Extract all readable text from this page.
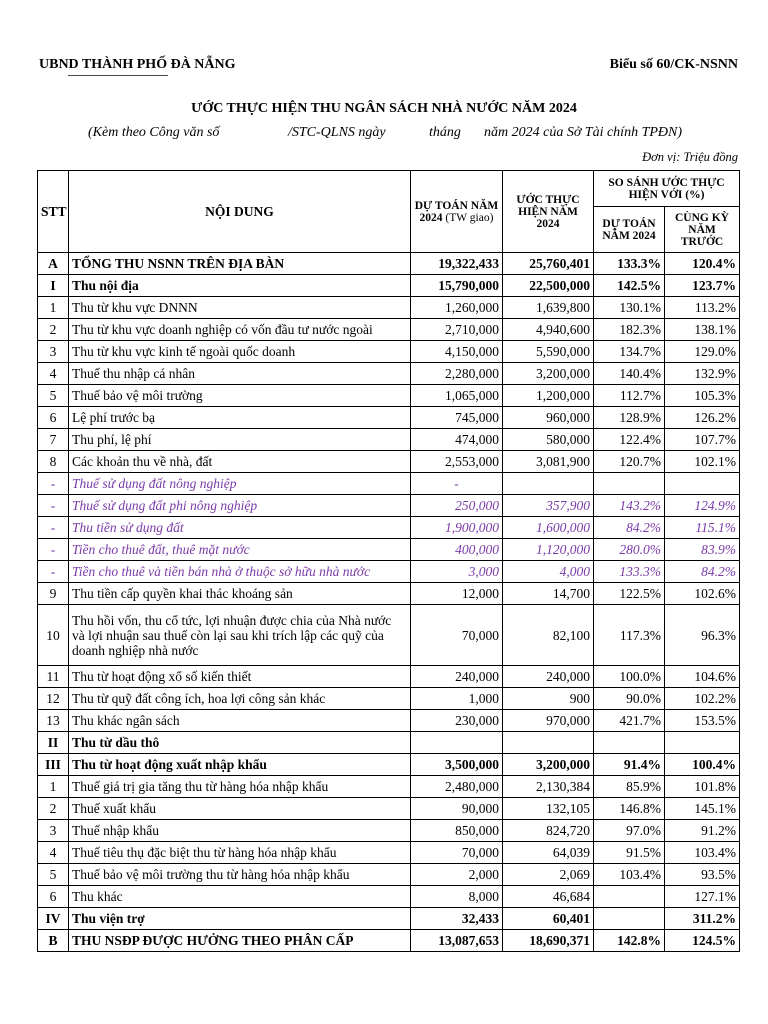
UBND THÀNH PHỐ ĐÀ NẴNG	Biểu số 60/CK-NSNN
ƯỚC THỰC HIỆN THU NGÂN SÁCH NHÀ NƯỚC NĂM 2024
(Kèm theo Công văn số	/STC-QLNS ngày	tháng năm 2024 của Sở Tài chính TPĐN)
Đơn vị: Triệu đồng
STT	NỘI DUNG	DỰ TOÁN NĂM 2024 (TW giao)	ƯỚC THỰC HIỆN NĂM 2024	SO SÁNH ƯỚC THỰC HIỆN VỚI (%)	
				DỰ TOÁN NĂM 2024	CÙNG KỲ NĂM TRƯỚC
A	TỔNG THU NSNN TRÊN ĐỊA BÀN	19,322,433	25,760,401	133.3%	120.4%
I	Thu nội địa	15,790,000	22,500,000	142.5%	123.7%
1	Thu từ khu vực DNNN	1,260,000	1,639,800	130.1%	113.2%
2	Thu từ khu vực doanh nghiệp có vốn đầu tư nước ngoài	2,710,000	4,940,600	182.3%	138.1%
3	Thu từ khu vực kinh tế ngoài quốc doanh	4,150,000	5,590,000	134.7%	129.0%
4	Thuế thu nhập cá nhân	2,280,000	3,200,000	140.4%	132.9%
5	Thuế bảo vệ môi trường	1,065,000	1,200,000	112.7%	105.3%
6	Lệ phí trước bạ	745,000	960,000	128.9%	126.2%
7	Thu phí, lệ phí	474,000	580,000	122.4%	107.7%
8	Các khoản thu về nhà, đất	2,553,000	3,081,900	120.7%	102.1%
-	Thuế sử dụng đất nông nghiệp	-			
-	Thuế sử dụng đất phi nông nghiệp	250,000	357,900	143.2%	124.9%
-	Thu tiền sử dụng đất	1,900,000	1,600,000	84.2%	115.1%
-	Tiền cho thuê đất, thuê mặt nước	400,000	1,120,000	280.0%	83.9%
-	Tiền cho thuê và tiền bán nhà ở thuộc sở hữu nhà nước	3,000	4,000	133.3%	84.2%
9	Thu tiền cấp quyền khai thác khoáng sản	12,000	14,700	122.5%	102.6%
10	Thu hồi vốn, thu cổ tức, lợi nhuận được chia của Nhà nước và lợi nhuận sau thuế còn lại sau khi trích lập các quỹ của doanh nghiệp nhà nước	70,000	82,100	117.3%	96.3%
11	Thu từ hoạt động xổ số kiến thiết	240,000	240,000	100.0%	104.6%
12	Thu từ quỹ đất công ích, hoa lợi công sản khác	1,000	900	90.0%	102.2%
13	Thu khác ngân sách	230,000	970,000	421.7%	153.5%
II	Thu từ dầu thô				
III	Thu từ hoạt động xuất nhập khẩu	3,500,000	3,200,000	91.4%	100.4%
1	Thuế giá trị gia tăng thu từ hàng hóa nhập khẩu	2,480,000	2,130,384	85.9%	101.8%
2	Thuế xuất khẩu	90,000	132,105	146.8%	145.1%
3	Thuế nhập khẩu	850,000	824,720	97.0%	91.2%
4	Thuế tiêu thụ đặc biệt thu từ hàng hóa nhập khẩu	70,000	64,039	91.5%	103.4%
5	Thuế bảo vệ môi trường thu từ hàng hóa nhập khẩu	2,000	2,069	103.4%	93.5%
6	Thu khác	8,000	46,684		127.1%
IV	Thu viện trợ	32,433	60,401		311.2%
B	THU NSĐP ĐƯỢC HƯỞNG THEO PHÂN CẤP	13,087,653	18,690,371	142.8%	124.5%
